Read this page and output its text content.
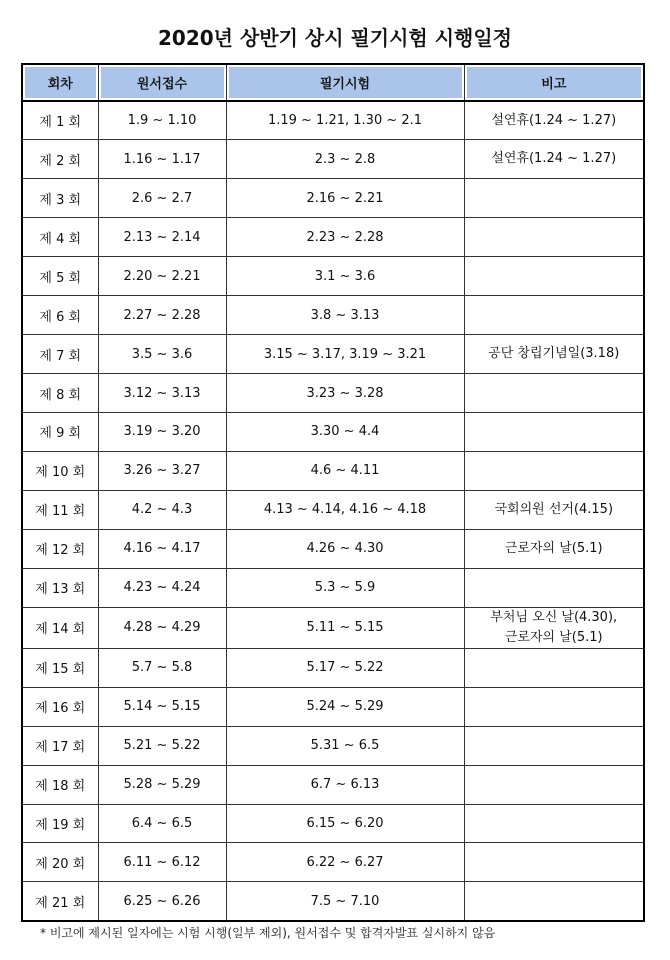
2020년 상반기 상시 필기시험 시행일정
회차	원서접수	필기시험	비고
제 1 회	1.9 ~ 1.10	1.19 ~ 1.21, 1.30 ~ 2.1	설연휴(1.24 ~ 1.27)

제 2 회	1.16 ~ 1.17	2.3 ~ 2.8	설연휴(1.24 ~ 1.27)

제 3 회	2.6 ~ 2.7	2.16 ~ 2.21	
제 4 회	2.13 ~ 2.14	2.23 ~ 2.28	
제 5 회	2.20 ~ 2.21	3.1 ~ 3.6	
제 6 회	2.27 ~ 2.28	3.8 ~ 3.13	
제 7 회	3.5 ~ 3.6	3.15 ~ 3.17, 3.19 ~ 3.21	공단 창립기념일(3.18)

제 8 회	3.12 ~ 3.13	3.23 ~ 3.28	
제 9 회	3.19 ~ 3.20	3.30 ~ 4.4	
제 10 회	3.26 ~ 3.27	4.6 ~ 4.11	
제 11 회	4.2 ~ 4.3	4.13 ~ 4.14, 4.16 ~ 4.18	국회의원 선거(4.15)

제 12 회	4.16 ~ 4.17	4.26 ~ 4.30	근로자의 날(5.1)

제 13 회	4.23 ~ 4.24	5.3 ~ 5.9	
제 14 회	4.28 ~ 4.29	5.11 ~ 5.15	부처님 오신 날(4.30),
근로자의 날(5.1)

제 15 회	5.7 ~ 5.8	5.17 ~ 5.22	
제 16 회	5.14 ~ 5.15	5.24 ~ 5.29	
제 17 회	5.21 ~ 5.22	5.31 ~ 6.5	
제 18 회	5.28 ~ 5.29	6.7 ~ 6.13	
제 19 회	6.4 ~ 6.5	6.15 ~ 6.20	
제 20 회	6.11 ~ 6.12	6.22 ~ 6.27	
제 21 회	6.25 ~ 6.26	7.5 ~ 7.10	
* 비고에 제시된 일자에는 시험 시행(일부 제외), 원서접수 및 합격자발표 실시하지 않음
